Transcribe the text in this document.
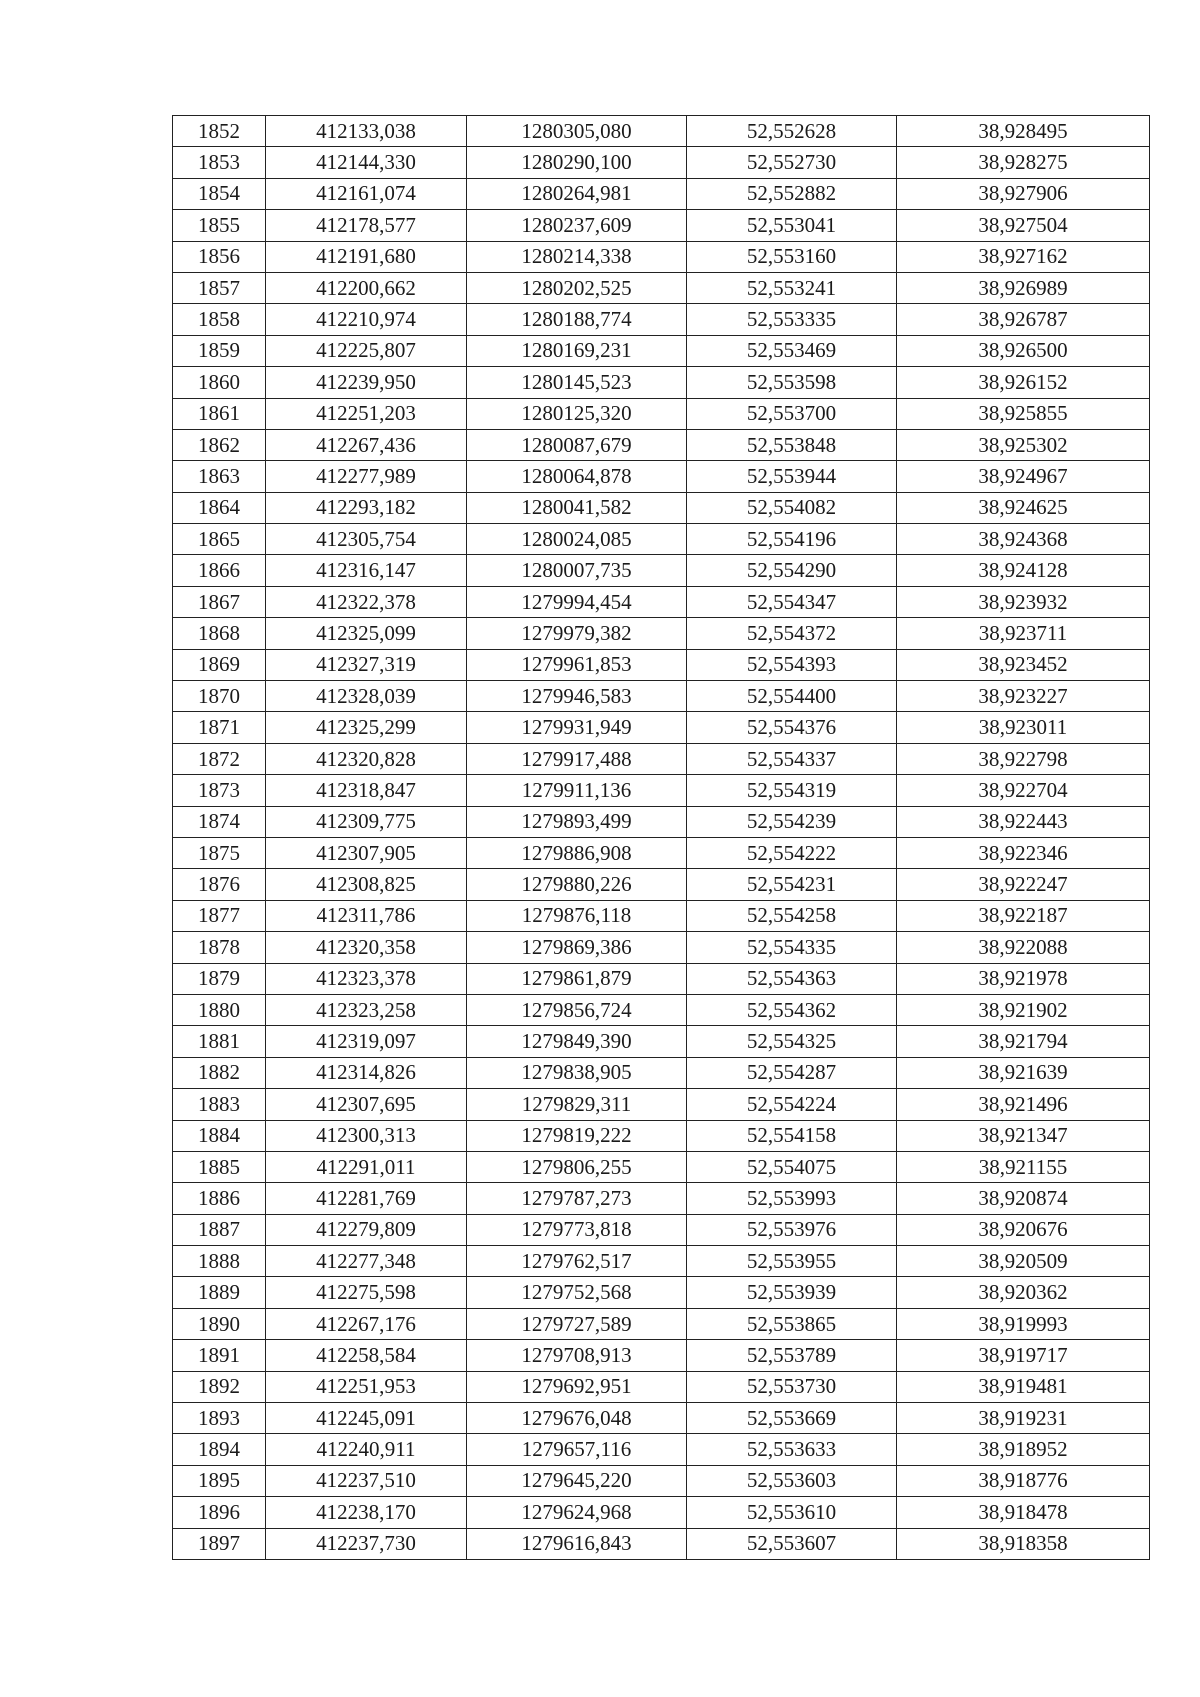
1852	412133,038	1280305,080	52,552628	38,928495
1853	412144,330	1280290,100	52,552730	38,928275
1854	412161,074	1280264,981	52,552882	38,927906
1855	412178,577	1280237,609	52,553041	38,927504
1856	412191,680	1280214,338	52,553160	38,927162
1857	412200,662	1280202,525	52,553241	38,926989
1858	412210,974	1280188,774	52,553335	38,926787
1859	412225,807	1280169,231	52,553469	38,926500
1860	412239,950	1280145,523	52,553598	38,926152
1861	412251,203	1280125,320	52,553700	38,925855
1862	412267,436	1280087,679	52,553848	38,925302
1863	412277,989	1280064,878	52,553944	38,924967
1864	412293,182	1280041,582	52,554082	38,924625
1865	412305,754	1280024,085	52,554196	38,924368
1866	412316,147	1280007,735	52,554290	38,924128
1867	412322,378	1279994,454	52,554347	38,923932
1868	412325,099	1279979,382	52,554372	38,923711
1869	412327,319	1279961,853	52,554393	38,923452
1870	412328,039	1279946,583	52,554400	38,923227
1871	412325,299	1279931,949	52,554376	38,923011
1872	412320,828	1279917,488	52,554337	38,922798
1873	412318,847	1279911,136	52,554319	38,922704
1874	412309,775	1279893,499	52,554239	38,922443
1875	412307,905	1279886,908	52,554222	38,922346
1876	412308,825	1279880,226	52,554231	38,922247
1877	412311,786	1279876,118	52,554258	38,922187
1878	412320,358	1279869,386	52,554335	38,922088
1879	412323,378	1279861,879	52,554363	38,921978
1880	412323,258	1279856,724	52,554362	38,921902
1881	412319,097	1279849,390	52,554325	38,921794
1882	412314,826	1279838,905	52,554287	38,921639
1883	412307,695	1279829,311	52,554224	38,921496
1884	412300,313	1279819,222	52,554158	38,921347
1885	412291,011	1279806,255	52,554075	38,921155
1886	412281,769	1279787,273	52,553993	38,920874
1887	412279,809	1279773,818	52,553976	38,920676
1888	412277,348	1279762,517	52,553955	38,920509
1889	412275,598	1279752,568	52,553939	38,920362
1890	412267,176	1279727,589	52,553865	38,919993
1891	412258,584	1279708,913	52,553789	38,919717
1892	412251,953	1279692,951	52,553730	38,919481
1893	412245,091	1279676,048	52,553669	38,919231
1894	412240,911	1279657,116	52,553633	38,918952
1895	412237,510	1279645,220	52,553603	38,918776
1896	412238,170	1279624,968	52,553610	38,918478
1897	412237,730	1279616,843	52,553607	38,918358
